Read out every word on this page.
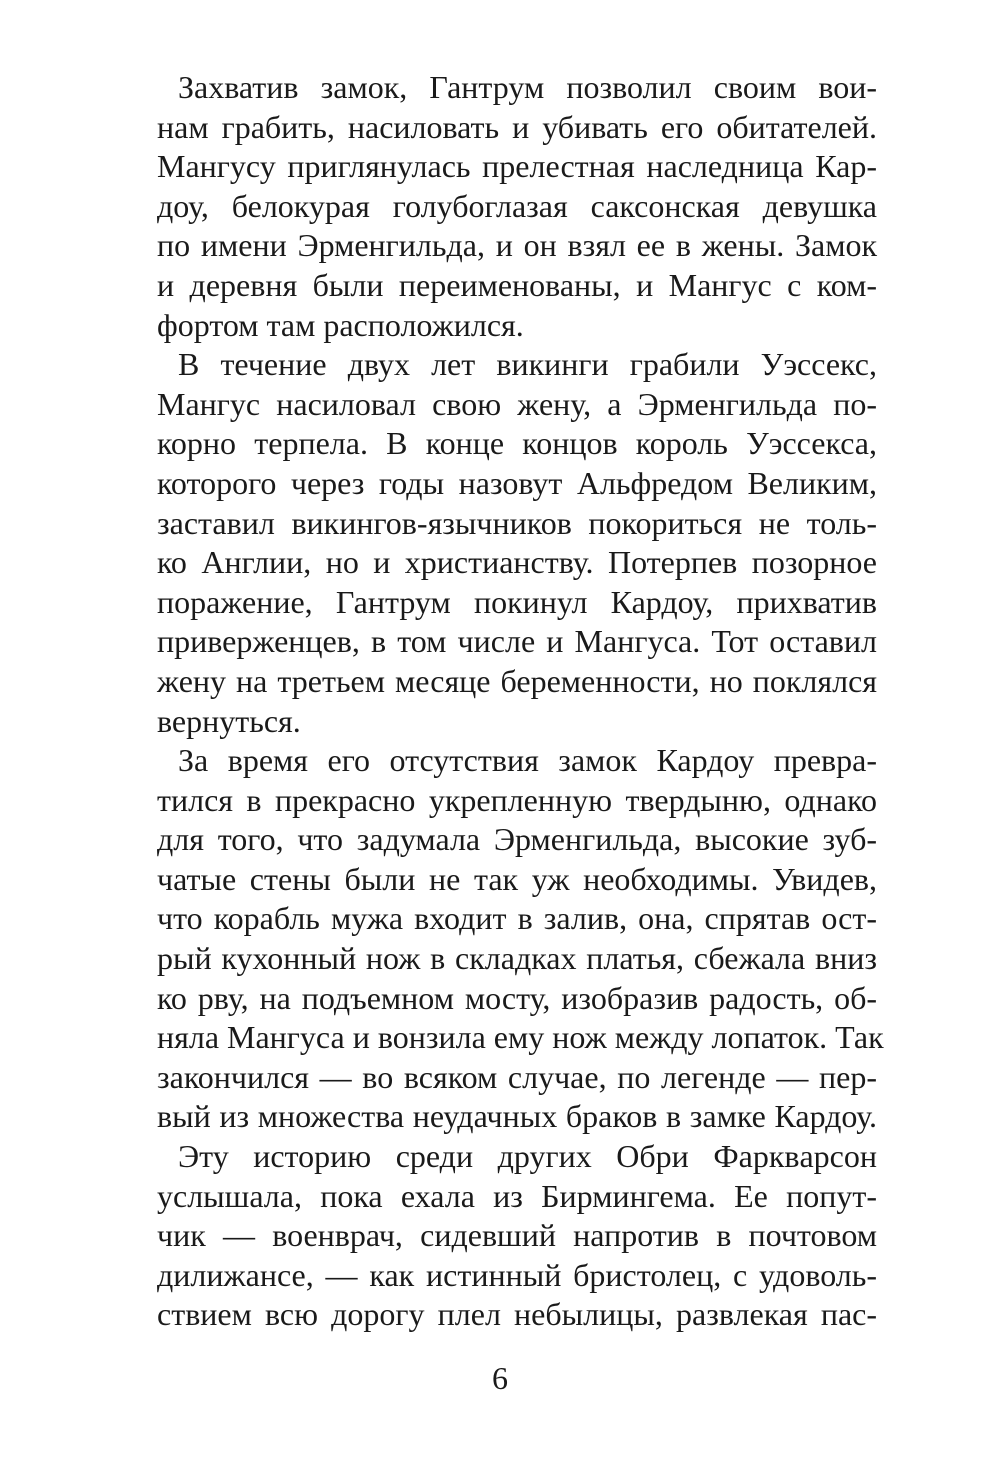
Захватив замок, Гантрум позволил своим вои-
нам грабить, насиловать и убивать его обитателей.
Мангусу приглянулась прелестная наследница Кар-
доу, белокурая голубоглазая саксонская девушка
по имени Эрменгильда, и он взял ее в жены. Замок
и деревня были переименованы, и Мангус с ком-
фортом там расположился.

В течение двух лет викинги грабили Уэссекс,
Мангус насиловал свою жену, а Эрменгильда по-
корно терпела. В конце концов король Уэссекса,
которого через годы назовут Альфредом Великим,
заставил викингов-язычников покориться не толь-
ко Англии, но и христианству. Потерпев позорное
поражение, Гантрум покинул Кардоу, прихватив
приверженцев, в том числе и Мангуса. Тот оставил
жену на третьем месяце беременности, но поклялся
вернуться.

За время его отсутствия замок Кардоу превра-
тился в прекрасно укрепленную твердыню, однако
для того, что задумала Эрменгильда, высокие зуб-
чатые стены были не так уж необходимы. Увидев,
что корабль мужа входит в залив, она, спрятав ост-
рый кухонный нож в складках платья, сбежала вниз
ко рву, на подъемном мосту, изобразив радость, об-
няла Мангуса и вонзила ему нож между лопаток. Так
закончился — во всяком случае, по легенде — пер-
вый из множества неудачных браков в замке Кардоу.

Эту историю среди других Обри Фарквaрсон
услышала, пока ехала из Бирмингема. Ее попут-
чик — военврач, сидевший напротив в почтовом
дилижансе, — как истинный бристолец, с удоволь-
ствием всю дорогу плел небылицы, развлекая пас-

6
